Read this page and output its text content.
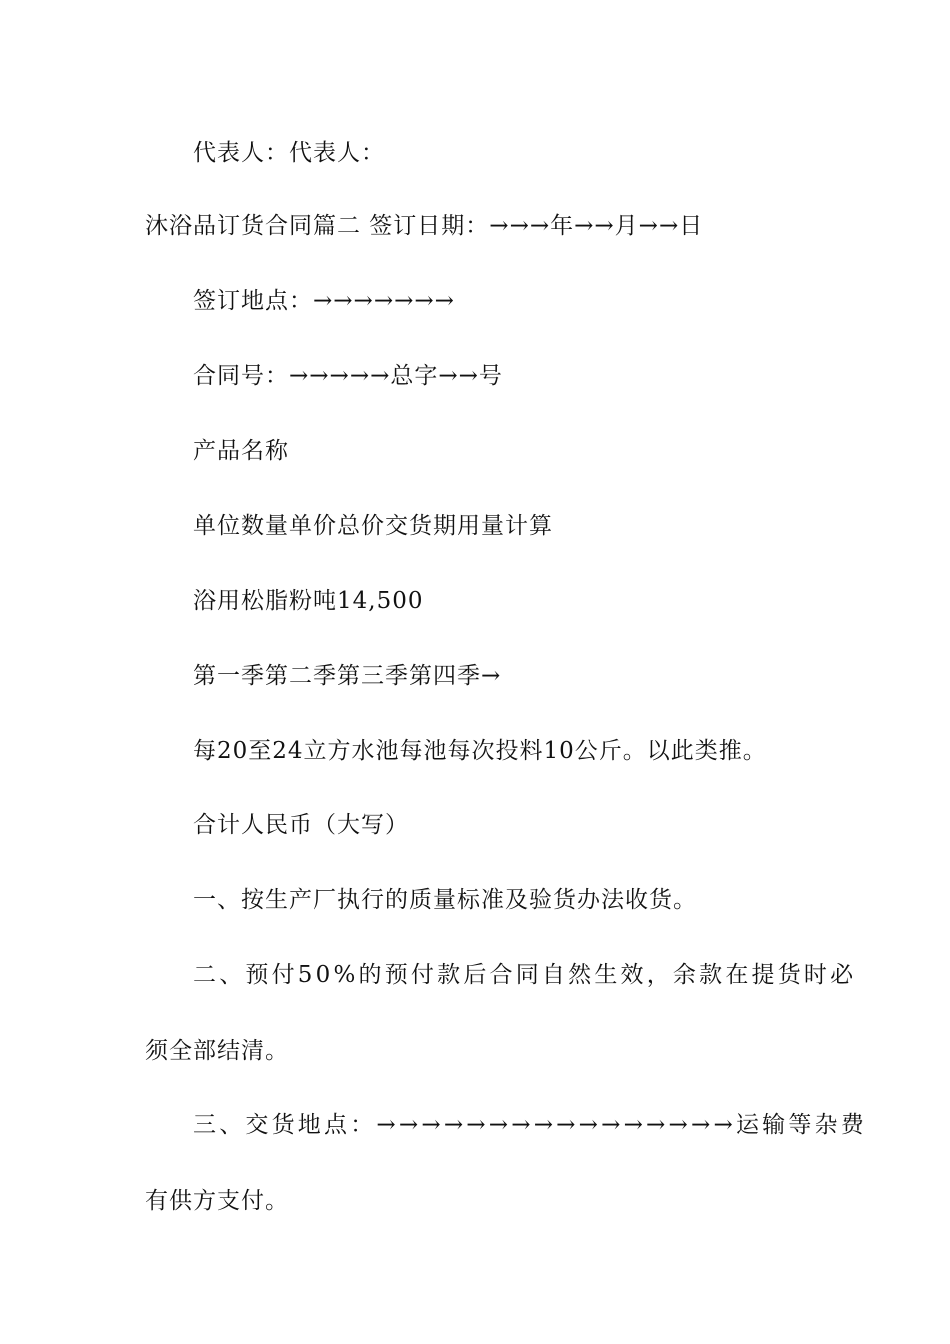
代表人：代表人：
沐浴品订货合同篇二 签订日期：→→→年→→月→→日
签订地点：→→→→→→→
合同号：→→→→→总字→→号
产品名称
单位数量单价总价交货期用量计算
浴用松脂粉吨14,500
第一季第二季第三季第四季→
每20至24立方水池每池每次投料10公斤。以此类推。
合计人民币（大写）
一、按生产厂执行的质量标准及验货办法收货。
二、预付50%的预付款后合同自然生效，余款在提货时必
须全部结清。
三、交货地点：→→→→→→→→→→→→→→→→运输等杂费
有供方支付。
